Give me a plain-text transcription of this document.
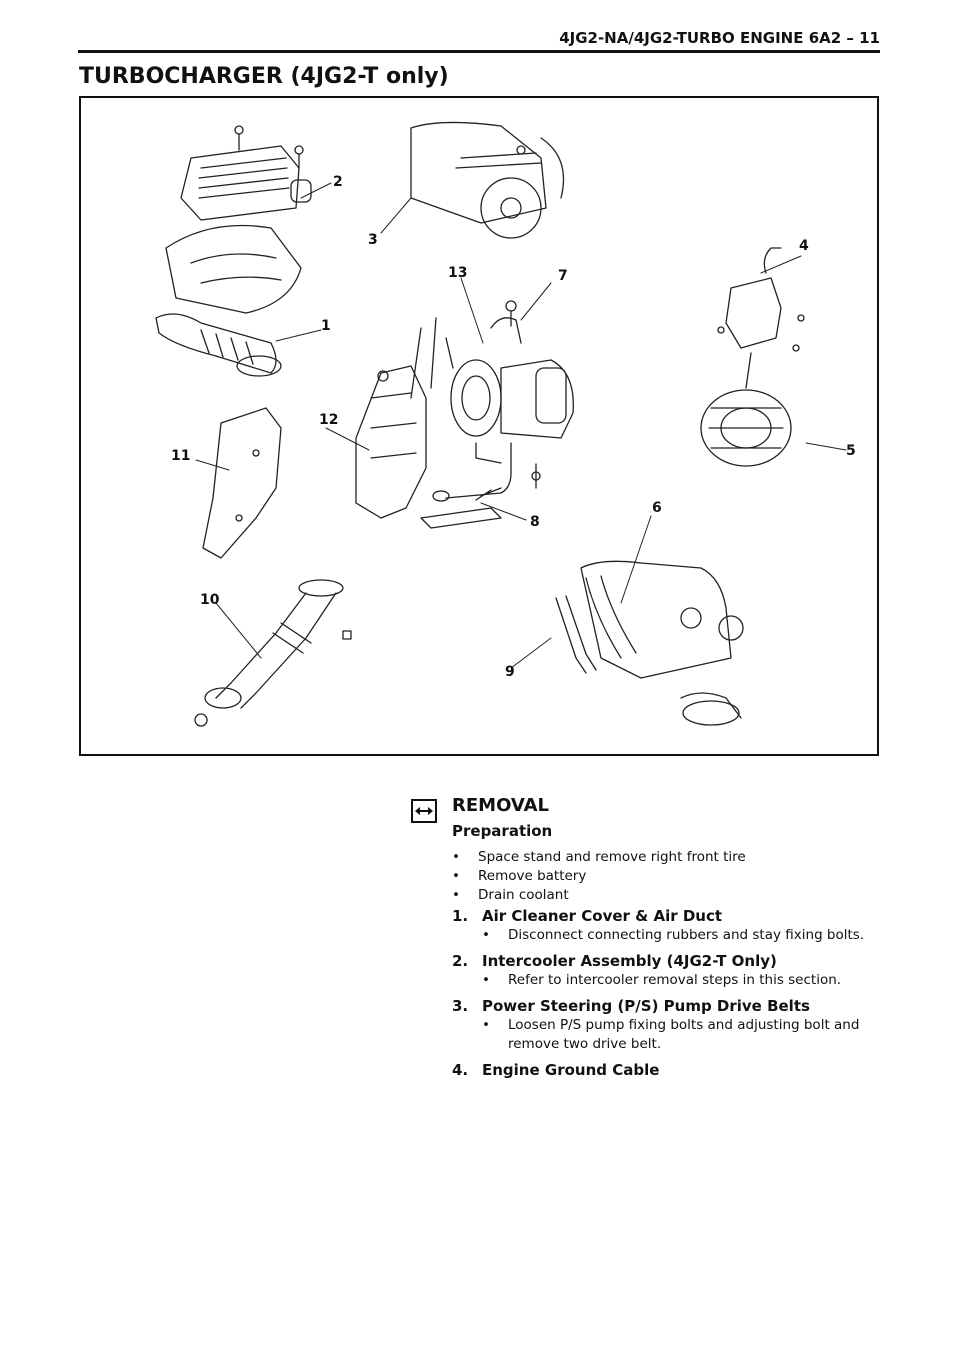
4JG2-NA/4JG2-TURBO ENGINE 6A2 – 11
TURBOCHARGER (4JG2-T only)
1
2
3	4
5
6
7
8
9
10
11
12
13
REMOVAL
Preparation
• Space stand and remove right front tire
• Remove battery
• Drain coolant
1. Air Cleaner Cover & Air Duct
• Disconnect connecting rubbers and stay fixing bolts.
2. Intercooler Assembly (4JG2-T Only)
• Refer to intercooler removal steps in this section.
3. Power Steering (P/S) Pump Drive Belts
• Loosen P/S pump fixing bolts and adjusting bolt and remove two drive belt.
4. Engine Ground Cable
